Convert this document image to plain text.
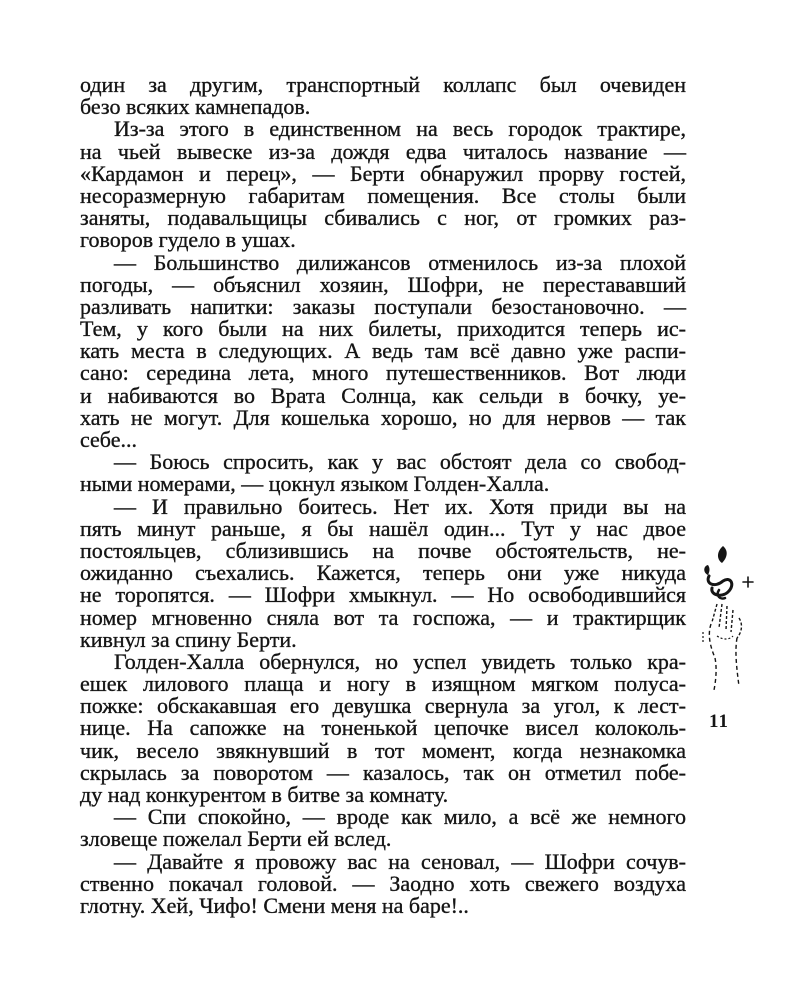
один за другим, транспортный коллапс был очевиден
безо всяких камнепадов.
Из-за этого в единственном на весь городок трактире,
на чьей вывеске из-за дождя едва читалось название —
«Кардамон и перец», — Берти обнаружил прорву гостей,
несоразмерную габаритам помещения. Все столы были
заняты, подавальщицы сбивались с ног, от громких раз-
говоров гудело в ушах.
— Большинство дилижансов отменилось из-за плохой
погоды, — объяснил хозяин, Шофри, не перестававший
разливать напитки: заказы поступали безостановочно. —
Тем, у кого были на них билеты, приходится теперь ис-
кать места в следующих. А ведь там всё давно уже распи-
сано: середина лета, много путешественников. Вот люди
и набиваются во Врата Солнца, как сельди в бочку, уе-
хать не могут. Для кошелька хорошо, но для нервов — так
себе...
— Боюсь спросить, как у вас обстоят дела со свобод-
ными номерами, — цокнул языком Голден-Халла.
— И правильно боитесь. Нет их. Хотя приди вы на
пять минут раньше, я бы нашёл один... Тут у нас двое
постояльцев, сблизившись на почве обстоятельств, не-
ожиданно съехались. Кажется, теперь они уже никуда
не торопятся. — Шофри хмыкнул. — Но освободившийся
номер мгновенно сняла вот та госпожа, — и трактирщик
кивнул за спину Берти.
Голден-Халла обернулся, но успел увидеть только кра-
ешек лилового плаща и ногу в изящном мягком полуса-
пожке: обскакавшая его девушка свернула за угол, к лест-
нице. На сапожке на тоненькой цепочке висел колоколь-
чик, весело звякнувший в тот момент, когда незнакомка
скрылась за поворотом — казалось, так он отметил побе-
ду над конкурентом в битве за комнату.
— Спи спокойно, — вроде как мило, а всё же немного
зловеще пожелал Берти ей вслед.
— Давайте я провожу вас на сеновал, — Шофри сочув-
ственно покачал головой. — Заодно хоть свежего воздуха
глотну. Хей, Чифо! Смени меня на баре!..
11
